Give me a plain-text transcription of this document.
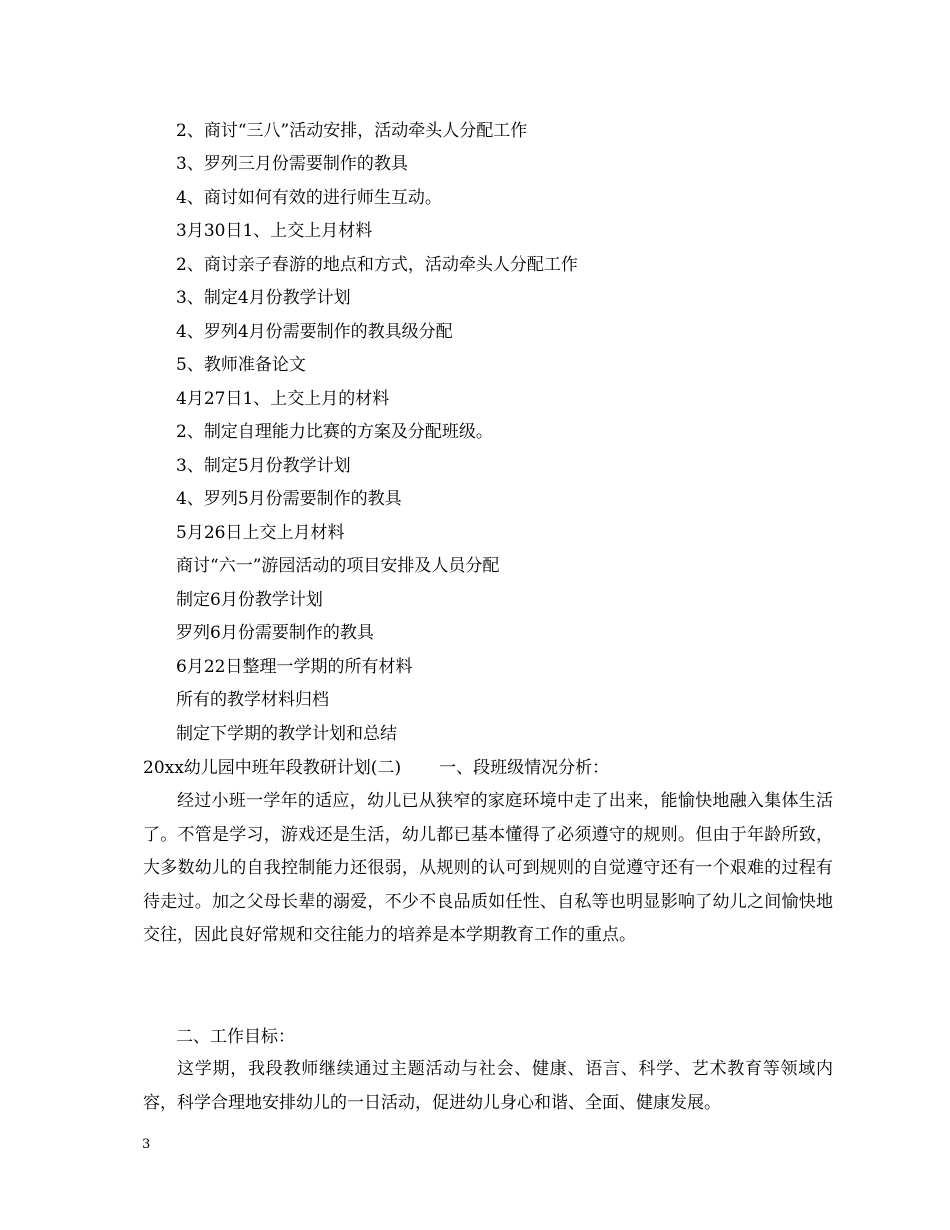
2、商讨“三八”活动安排，活动牵头人分配工作
3、罗列三月份需要制作的教具
4、商讨如何有效的进行师生互动。
3月30日1、上交上月材料
2、商讨亲子春游的地点和方式，活动牵头人分配工作
3、制定4月份教学计划
4、罗列4月份需要制作的教具级分配
5、教师准备论文
4月27日1、上交上月的材料
2、制定自理能力比赛的方案及分配班级。
3、制定5月份教学计划
4、罗列5月份需要制作的教具
5月26日上交上月材料
商讨“六一”游园活动的项目安排及人员分配
制定6月份教学计划
罗列6月份需要制作的教具
6月22日整理一学期的所有材料
所有的教学材料归档
制定下学期的教学计划和总结
20xx幼儿园中班年段教研计划(二) 一、段班级情况分析：

经过小班一学年的适应，幼儿已从狭窄的家庭环境中走了出来，能愉快地融入集体生活了。不管是学习，游戏还是生活，幼儿都已基本懂得了必须遵守的规则。但由于年龄所致，大多数幼儿的自我控制能力还很弱，从规则的认可到规则的自觉遵守还有一个艰难的过程有待走过。加之父母长辈的溺爱，不少不良品质如任性、自私等也明显影响了幼儿之间愉快地交往，因此良好常规和交往能力的培养是本学期教育工作的重点。

二、工作目标：

这学期，我段教师继续通过主题活动与社会、健康、语言、科学、艺术教育等领域内容，科学合理地安排幼儿的一日活动，促进幼儿身心和谐、全面、健康发展。

3
